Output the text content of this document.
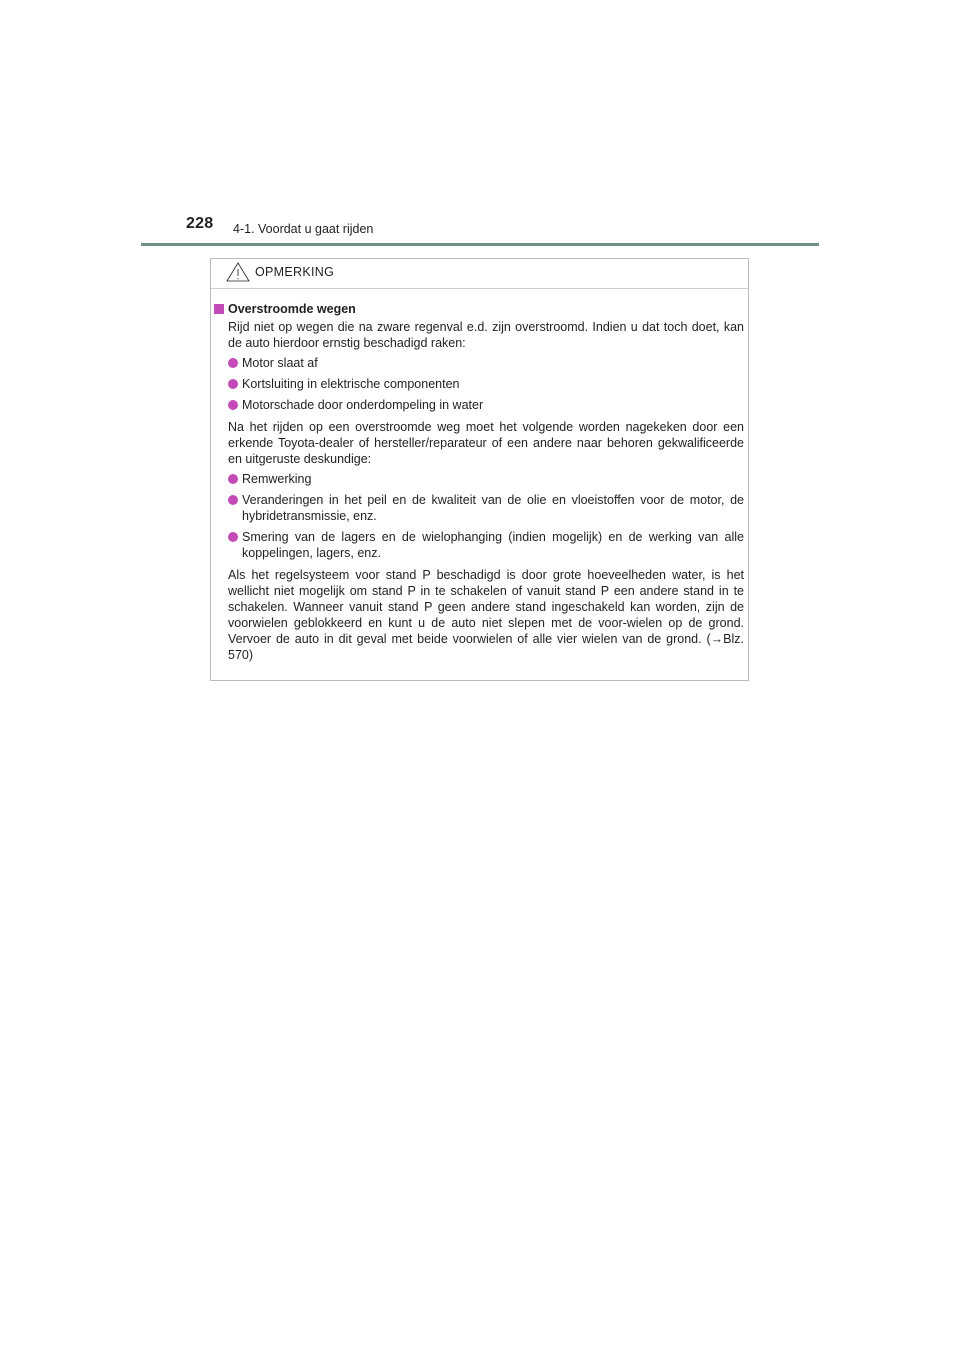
228 4-1. Voordat u gaat rijden
OPMERKING
Overstroomde wegen

Rijd niet op wegen die na zware regenval e.d. zijn overstroomd. Indien u dat toch doet, kan de auto hierdoor ernstig beschadigd raken:

Motor slaat af
Kortsluiting in elektrische componenten
Motorschade door onderdompeling in water

Na het rijden op een overstroomde weg moet het volgende worden nagekeken door een erkende Toyota-dealer of hersteller/reparateur of een andere naar behoren gekwalificeerde en uitgeruste deskundige:

Remwerking
Veranderingen in het peil en de kwaliteit van de olie en vloeistoffen voor de motor, de hybridetransmissie, enz.
Smering van de lagers en de wielophanging (indien mogelijk) en de werking van alle koppelingen, lagers, enz.

Als het regelsysteem voor stand P beschadigd is door grote hoeveelheden water, is het wellicht niet mogelijk om stand P in te schakelen of vanuit stand P een andere stand in te schakelen. Wanneer vanuit stand P geen andere stand ingeschakeld kan worden, zijn de voorwielen geblokkeerd en kunt u de auto niet slepen met de voor-wielen op de grond. Vervoer de auto in dit geval met beide voorwielen of alle vier wielen van de grond. (→Blz. 570)
